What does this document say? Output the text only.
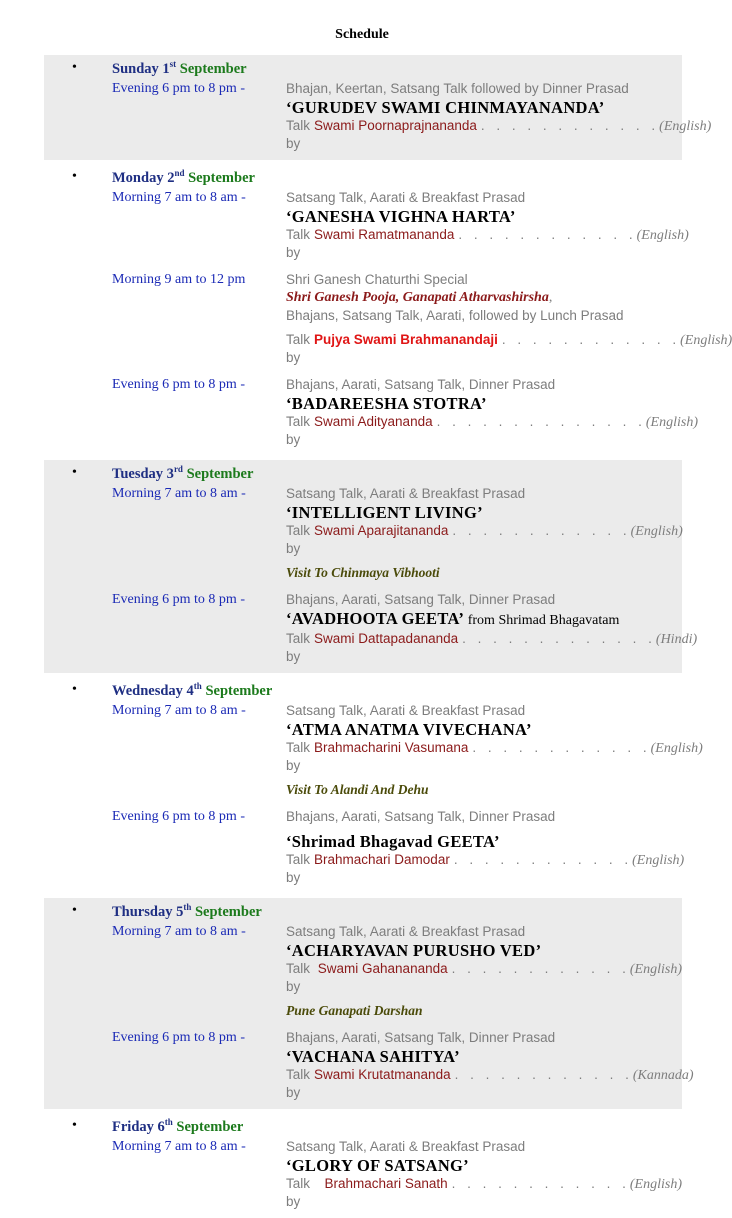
Schedule
• Sunday 1st September
Evening 6 pm to 8 pm -	Bhajan, Keertan, Satsang Talk followed by Dinner Prasad
‘GURUDEV SWAMI CHINMAYANANDA’
Talk by
Swami Poornaprajnananda . . . . . . . . . . . . (English)
• Monday 2nd September
Morning 7 am to 8 am -	Satsang Talk, Aarati & Breakfast Prasad
‘GANESHA VIGHNA HARTA’
Talk by
Swami Ramatmananda . . . . . . . . . . . . (English)
Morning 9 am to 12 pm	Shri Ganesh Chaturthi Special
Shri Ganesh Pooja, Ganapati Atharvashirsha,
Bhajans, Satsang Talk, Aarati, followed by Lunch Prasad
Talk by
Pujya Swami Brahmanandaji . . . . . . . . . . . . (English)
Evening 6 pm to 8 pm -	Bhajans, Aarati, Satsang Talk, Dinner Prasad
‘BADAREESHA STOTRA’
Talk by
Swami Adityananda . . . . . . . . . . . . . . (English)
• Tuesday 3rd September
Morning 7 am to 8 am -	Satsang Talk, Aarati & Breakfast Prasad
‘INTELLIGENT LIVING’
Talk by
Swami Aparajitananda . . . . . . . . . . . . (English)
Visit To Chinmaya Vibhooti
Evening 6 pm to 8 pm -	Bhajans, Aarati, Satsang Talk, Dinner Prasad
‘AVADHOOTA GEETA’ from Shrimad Bhagavatam
Talk by
Swami Dattapadananda . . . . . . . . . . . . . (Hindi)
• Wednesday 4th September
Morning 7 am to 8 am -	Satsang Talk, Aarati & Breakfast Prasad
‘ATMA ANATMA VIVECHANA’
Talk by
Brahmacharini Vasumana . . . . . . . . . . . . (English)
Visit To Alandi And Dehu
Evening 6 pm to 8 pm -	Bhajans, Aarati, Satsang Talk, Dinner Prasad
‘Shrimad Bhagavad GEETA’
Talk by
Brahmachari Damodar . . . . . . . . . . . . (English)
• Thursday 5th September
Morning 7 am to 8 am -	Satsang Talk, Aarati & Breakfast Prasad
‘ACHARYAVAN PURUSHO VED’
Talk by
Swami Gahanananda . . . . . . . . . . . . (English)
Pune Ganapati Darshan
Evening 6 pm to 8 pm -	Bhajans, Aarati, Satsang Talk, Dinner Prasad
‘VACHANA SAHITYA’
Talk by
Swami Krutatmananda . . . . . . . . . . . . (Kannada)
• Friday 6th September
Morning 7 am to 8 am -	Satsang Talk, Aarati & Breakfast Prasad
‘GLORY OF SATSANG’
Talk by
Brahmachari Sanath . . . . . . . . . . . . (English)
